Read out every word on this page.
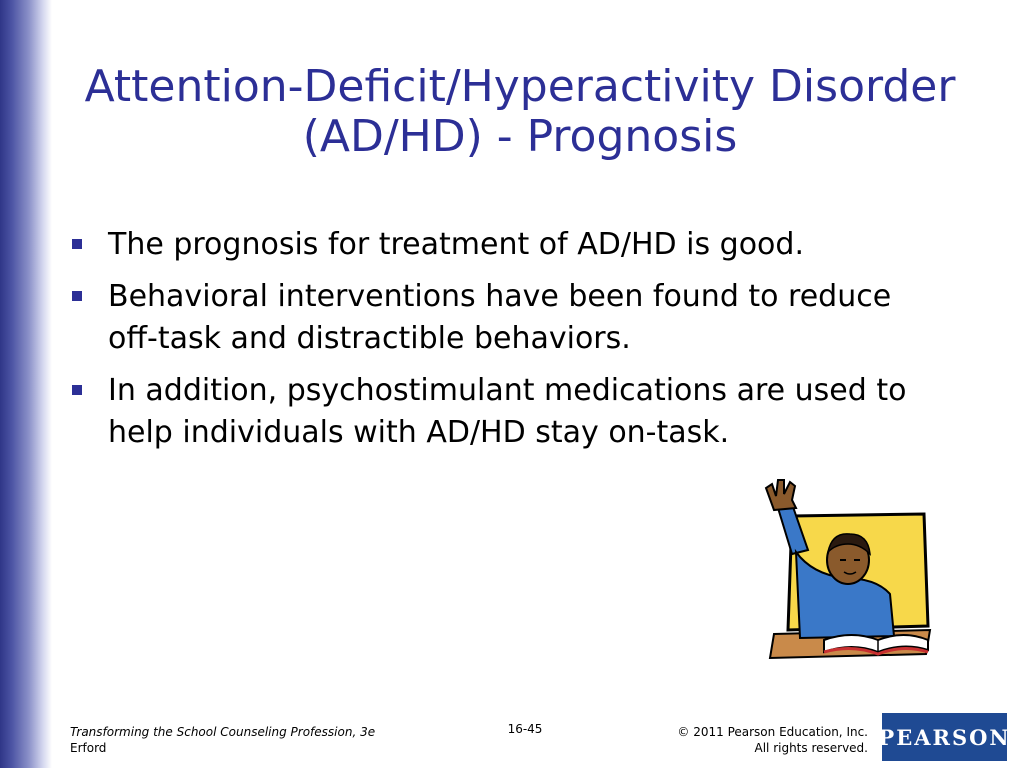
Attention-Deficit/Hyperactivity Disorder
(AD/HD) - Prognosis
The prognosis for treatment of AD/HD is good.
Behavioral interventions have been found to reduce
off-task and distractible behaviors.
In addition, psychostimulant medications are used to
help individuals with AD/HD stay on-task.
Transforming the School Counseling Profession, 3e
Erford
16-45	© 2011 Pearson Education, Inc.
All rights reserved. PEARSON
